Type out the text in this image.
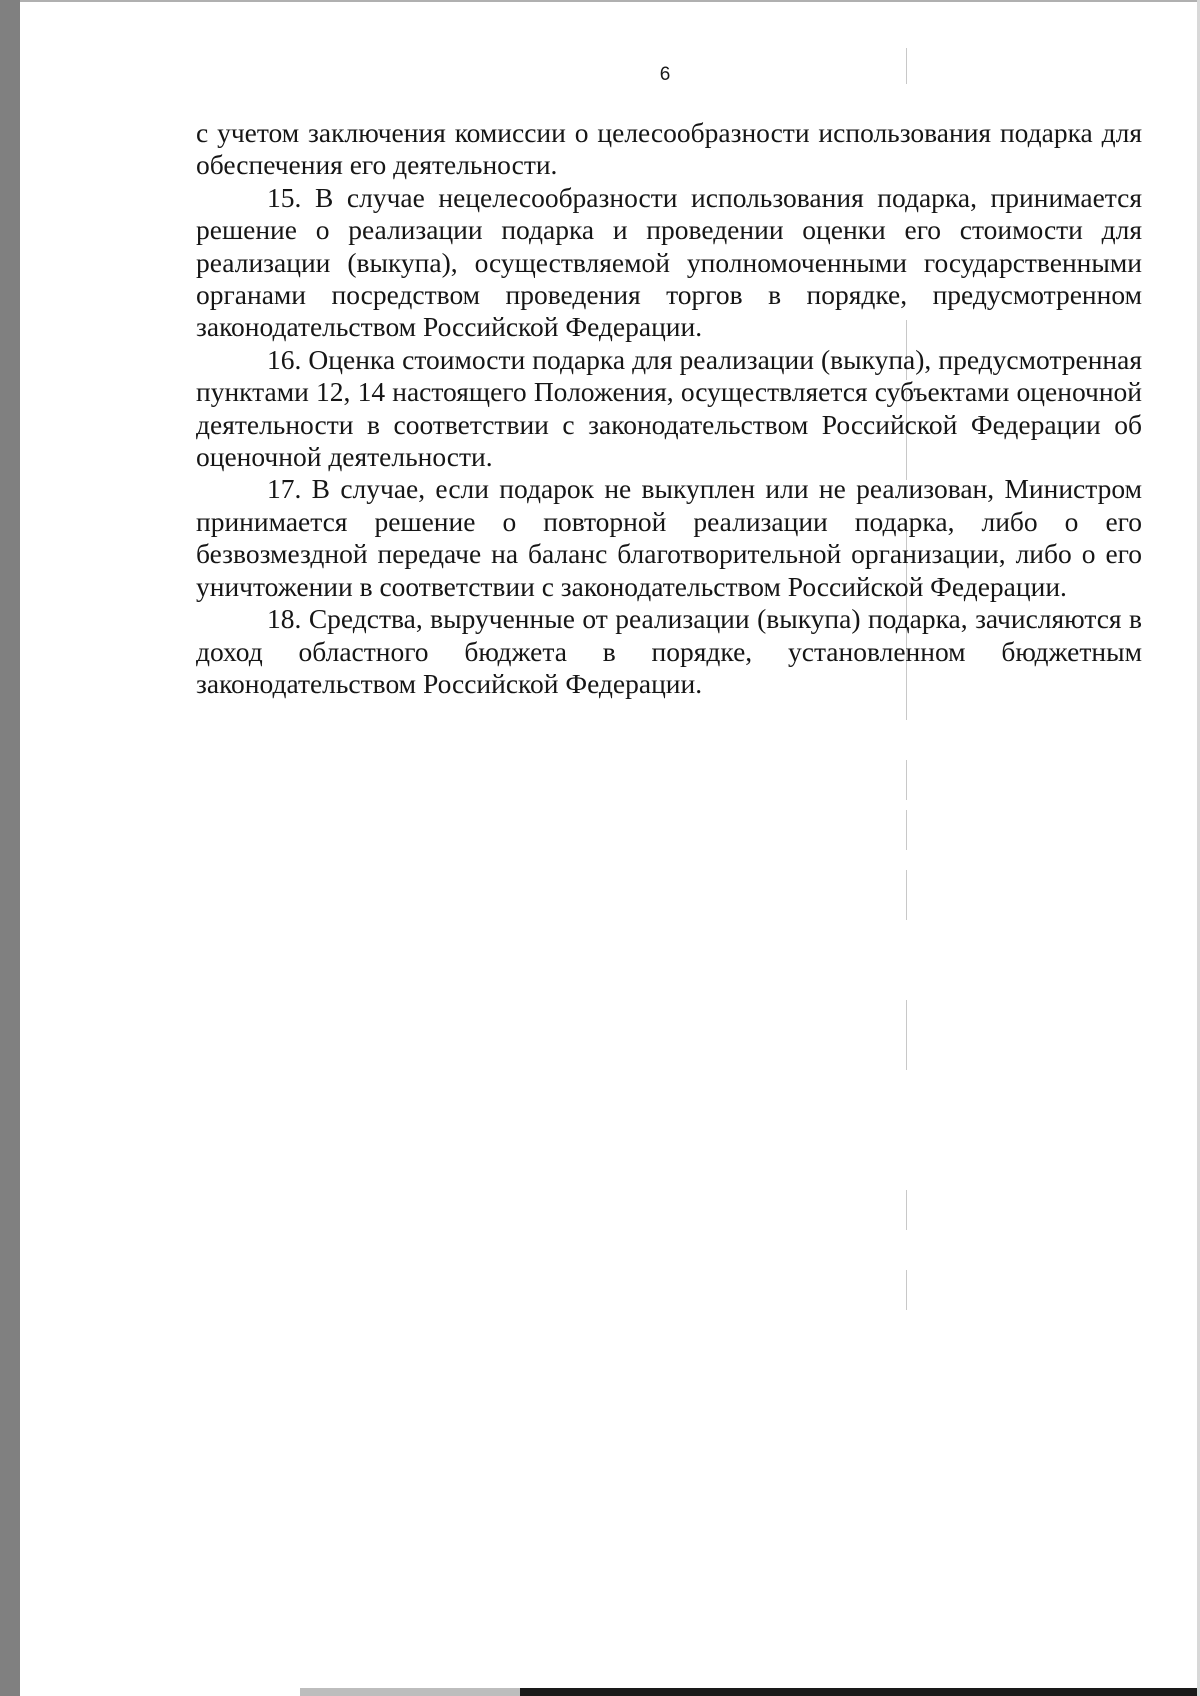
6

с учетом заключения комиссии о целесообразности использования подарка для обеспечения его деятельности.

15. В случае нецелесообразности использования подарка, принимается решение о реализации подарка и проведении оценки его стоимости для реализации (выкупа), осуществляемой уполномоченными государственными органами посредством проведения торгов в порядке, предусмотренном законодательством Российской Федерации.

16. Оценка стоимости подарка для реализации (выкупа), предусмотренная пунктами 12, 14 настоящего Положения, осуществляется субъектами оценочной деятельности в соответствии с законодательством Российской Федерации об оценочной деятельности.

17. В случае, если подарок не выкуплен или не реализован, Министром принимается решение о повторной реализации подарка, либо о его безвозмездной передаче на баланс благотворительной организации, либо о его уничтожении в соответствии с законодательством Российской Федерации.

18. Средства, вырученные от реализации (выкупа) подарка, зачисляются в доход областного бюджета в порядке, установленном бюджетным законодательством Российской Федерации.
